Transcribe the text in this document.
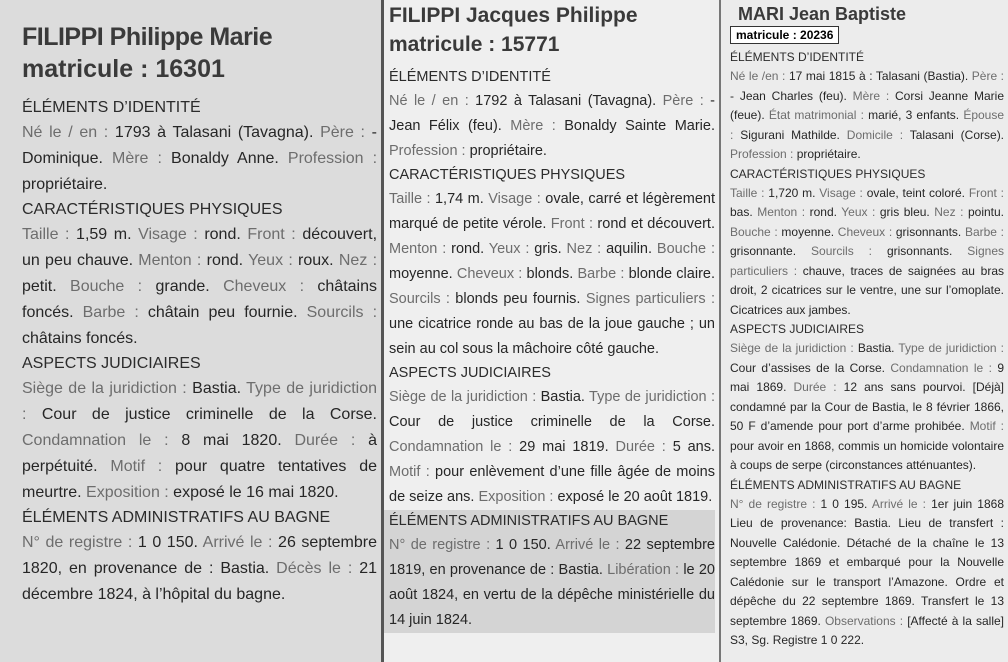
FILIPPI Philippe Marie
matricule : 16301
ÉLÉMENTS D’IDENTITÉ

Né le / en : 1793 à Talasani (Tavagna). Père : - Dominique. Mère : Bonaldy Anne. Profession : propriétaire.

CARACTÉRISTIQUES PHYSIQUES

Taille : 1,59 m. Visage : rond. Front : découvert, un peu chauve. Menton : rond. Yeux : roux. Nez : petit. Bouche : grande. Cheveux : châtains foncés. Barbe : châtain peu fournie. Sourcils : châtains foncés.

ASPECTS JUDICIAIRES

Siège de la juridiction : Bastia. Type de juridiction : Cour de justice criminelle de la Corse. Condamnation le : 8 mai 1820. Durée : à perpétuité. Motif : pour quatre tentatives de meurtre. Exposition : exposé le 16 mai 1820.

ÉLÉMENTS ADMINISTRATIFS AU BAGNE

N° de registre : 1 0 150. Arrivé le : 26 septembre 1820, en provenance de : Bastia. Décès le : 21 décembre 1824, à l’hôpital du bagne.

FILIPPI Jacques Philippe
matricule : 15771
ÉLÉMENTS D’IDENTITÉ

Né le / en : 1792 à Talasani (Tavagna). Père : - Jean Félix (feu). Mère : Bonaldy Sainte Marie. Profession : propriétaire.

CARACTÉRISTIQUES PHYSIQUES

Taille : 1,74 m. Visage : ovale, carré et légèrement marqué de petite vérole. Front : rond et découvert. Menton : rond. Yeux : gris. Nez : aquilin. Bouche : moyenne. Cheveux : blonds. Barbe : blonde claire. Sourcils : blonds peu fournis. Signes particuliers : une cicatrice ronde au bas de la joue gauche ; un sein au col sous la mâchoire côté gauche.

ASPECTS JUDICIAIRES

Siège de la juridiction : Bastia. Type de juridiction : Cour de justice criminelle de la Corse. Condamnation le : 29 mai 1819. Durée : 5 ans. Motif : pour enlèvement d’une fille âgée de moins de seize ans. Exposition : exposé le 20 août 1819.

ÉLÉMENTS ADMINISTRATIFS AU BAGNE

N° de registre : 1 0 150. Arrivé le : 22 septembre 1819, en provenance de : Bastia. Libération : le 20 août 1824, en vertu de la dépêche ministérielle du 14 juin 1824.

MARI Jean Baptiste
matricule : 20236
ÉLÉMENTS D’IDENTITÉ

Né le /en : 17 mai 1815 à : Talasani (Bastia). Père : - Jean Charles (feu). Mère : Corsi Jeanne Marie (feue). État matrimonial : marié, 3 enfants. Épouse : Sigurani Mathilde. Domicile : Talasani (Corse). Profession : propriétaire.

CARACTÉRISTIQUES PHYSIQUES

Taille : 1,720 m. Visage : ovale, teint coloré. Front : bas. Menton : rond. Yeux : gris bleu. Nez : pointu. Bouche : moyenne. Cheveux : grisonnants. Barbe : grisonnante. Sourcils : grisonnants. Signes particuliers : chauve, traces de saignées au bras droit, 2 cicatrices sur le ventre, une sur l’omoplate. Cicatrices aux jambes.

ASPECTS JUDICIAIRES

Siège de la juridiction : Bastia. Type de juridiction : Cour d’assises de la Corse. Condamnation le : 9 mai 1869. Durée : 12 ans sans pourvoi. [Déjà] condamné par la Cour de Bastia, le 8 février 1866, 50 F d’amende pour port d’arme prohibée. Motif : pour avoir en 1868, commis un homicide volontaire à coups de serpe (circonstances atténuantes).

ÉLÉMENTS ADMINISTRATIFS AU BAGNE

N° de registre : 1 0 195. Arrivé le : 1er juin 1868 Lieu de provenance: Bastia. Lieu de transfert : Nouvelle Calédonie. Détaché de la chaîne le 13 septembre 1869 et embarqué pour la Nouvelle Calédonie sur le transport l’Amazone. Ordre et dépêche du 22 septembre 1869. Transfert le 13 septembre 1869. Observations : [Affecté à la salle] S3, Sg. Registre 1 0 222.
